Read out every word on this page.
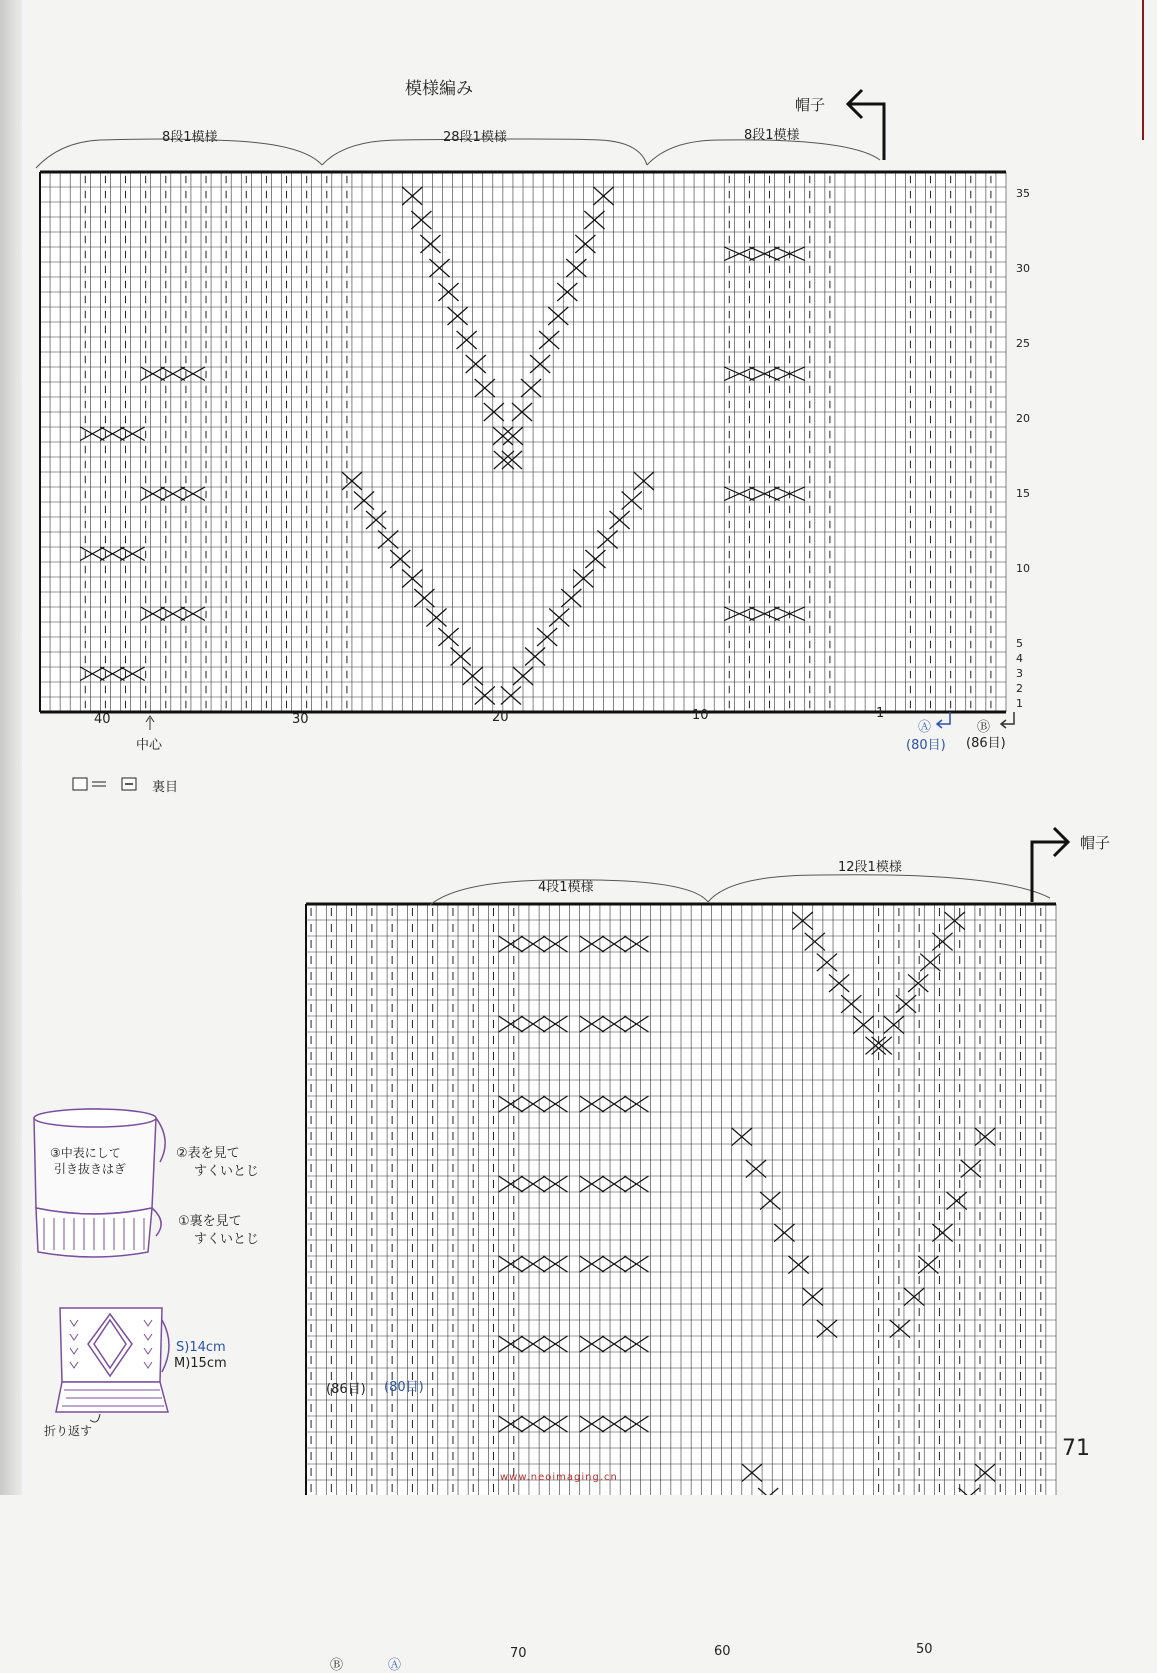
模様編み
帽子
8段1模様	28段1模様	8段1模様
35
30
25
20
15
10
5
4
3
2
1
40	30	20	10	1
中心
Ⓐ	Ⓑ
(80目) (86目)
裏目
帽子
4段1模様
12段1模様
70	60	50
Ⓑ	Ⓐ
(86目) (80目)
③中表にして
引き抜きはぎ
②表を見て
すくいとじ
①裏を見て
すくいとじ
S)14cm
M)15cm
折り返す
71
www.neoimaging.cn
